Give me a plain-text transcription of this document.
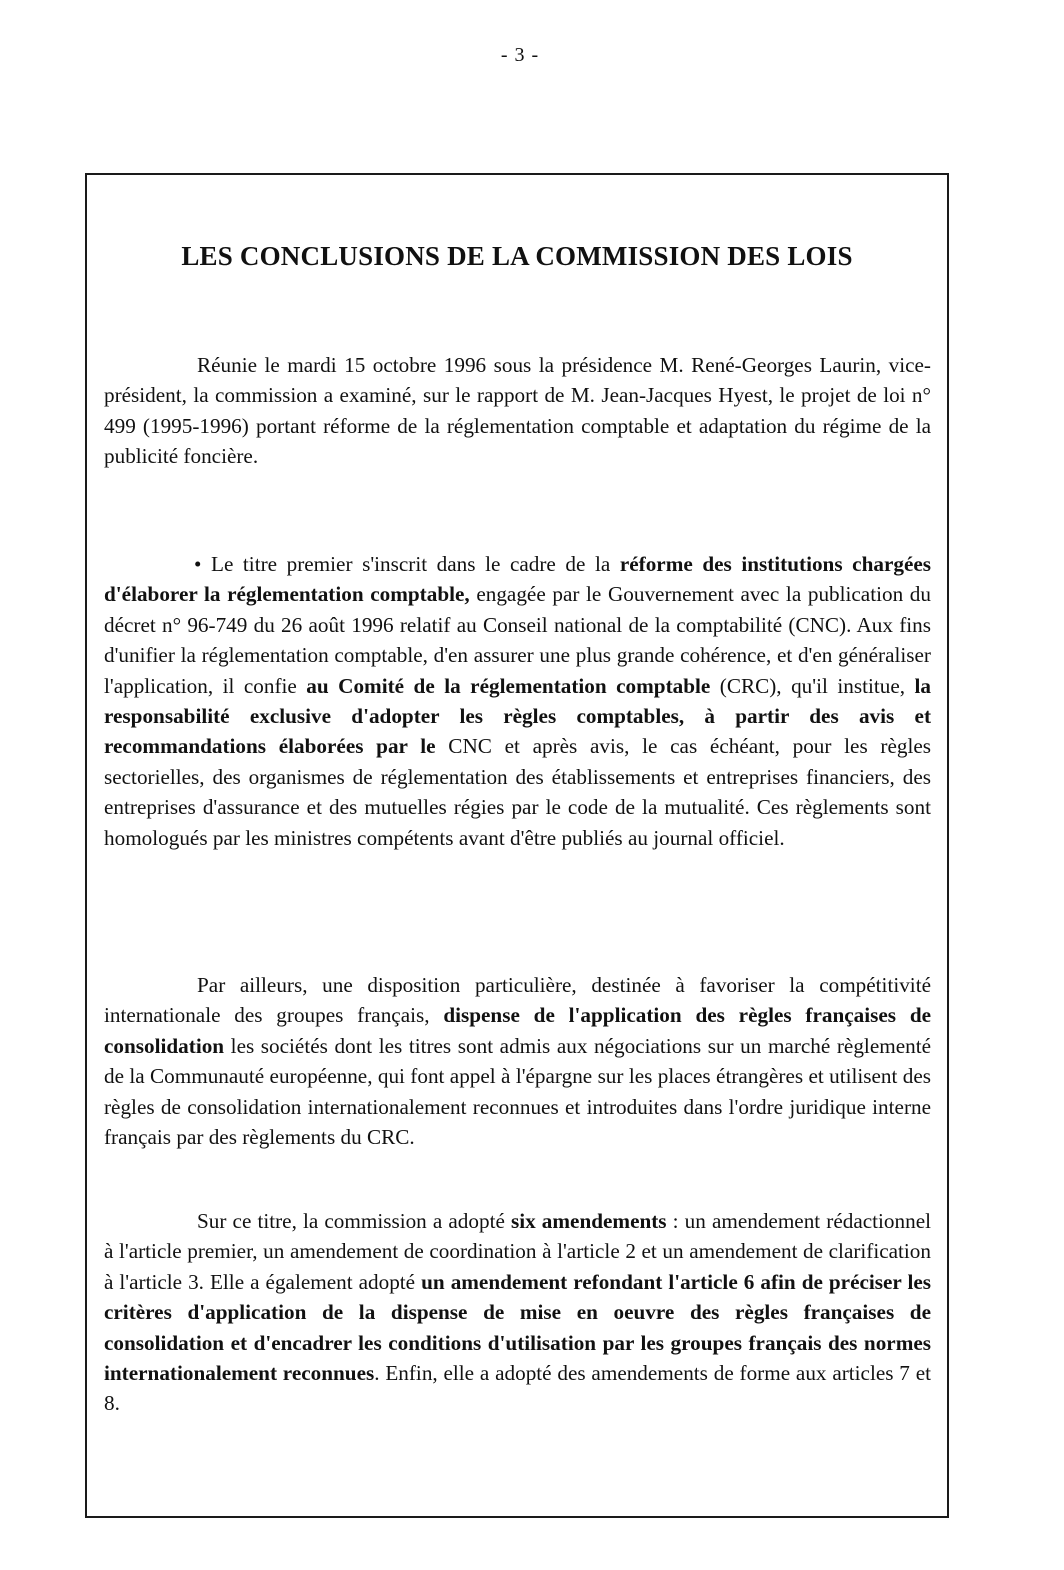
- 3 -
LES CONCLUSIONS DE LA COMMISSION DES LOIS

Réunie le mardi 15 octobre 1996 sous la présidence M. René-Georges Laurin, vice-président, la commission a examiné, sur le rapport de M. Jean-Jacques Hyest, le projet de loi n° 499 (1995-1996) portant réforme de la réglementation comptable et adaptation du régime de la publicité foncière.

• Le titre premier s'inscrit dans le cadre de la réforme des institutions chargées d'élaborer la réglementation comptable, engagée par le Gouvernement avec la publication du décret n° 96-749 du 26 août 1996 relatif au Conseil national de la comptabilité (CNC). Aux fins d'unifier la réglementation comptable, d'en assurer une plus grande cohérence, et d'en généraliser l'application, il confie au Comité de la réglementation comptable (CRC), qu'il institue, la responsabilité exclusive d'adopter les règles comptables, à partir des avis et recommandations élaborées par le CNC et après avis, le cas échéant, pour les règles sectorielles, des organismes de réglementation des établissements et entreprises financiers, des entreprises d'assurance et des mutuelles régies par le code de la mutualité. Ces règlements sont homologués par les ministres compétents avant d'être publiés au journal officiel.

Par ailleurs, une disposition particulière, destinée à favoriser la compétitivité internationale des groupes français, dispense de l'application des règles françaises de consolidation les sociétés dont les titres sont admis aux négociations sur un marché règlementé de la Communauté européenne, qui font appel à l'épargne sur les places étrangères et utilisent des règles de consolidation internationalement reconnues et introduites dans l'ordre juridique interne français par des règlements du CRC.

Sur ce titre, la commission a adopté six amendements : un amendement rédactionnel à l'article premier, un amendement de coordination à l'article 2 et un amendement de clarification à l'article 3. Elle a également adopté un amendement refondant l'article 6 afin de préciser les critères d'application de la dispense de mise en oeuvre des règles françaises de consolidation et d'encadrer les conditions d'utilisation par les groupes français des normes internationalement reconnues. Enfin, elle a adopté des amendements de forme aux articles 7 et 8.
